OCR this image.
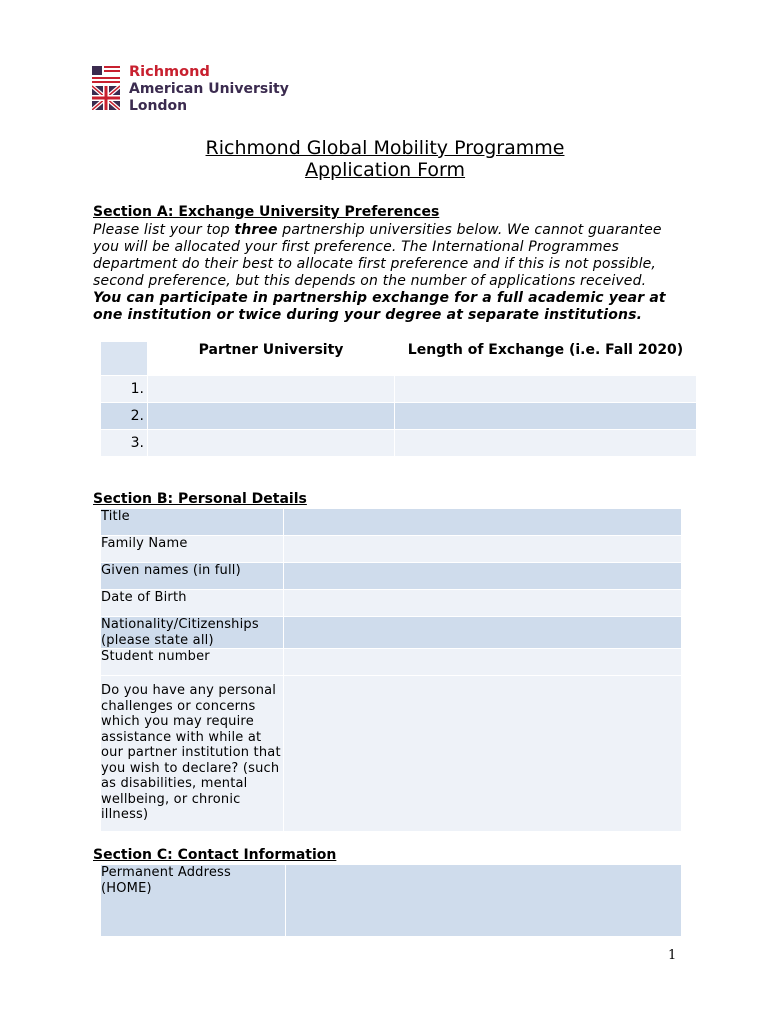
Richmond
American University
London
Richmond Global Mobility Programme
Application Form
Section A: Exchange University Preferences
Please list your top three partnership universities below. We cannot guarantee you will be allocated your first preference. The International Programmes department do their best to allocate first preference and if this is not possible, second preference, but this depends on the number of applications received. You can participate in partnership exchange for a full academic year at one institution or twice during your degree at separate institutions.
	Partner University	Length of Exchange (i.e. Fall 2020)
1.		
2.		
3.		
Section B: Personal Details
Title	
Family Name	
Given names (in full)	
Date of Birth	
Nationality/Citizenships (please state all)	
Student number	
Do you have any personal challenges or concerns which you may require assistance with while at our partner institution that you wish to declare? (such as disabilities, mental wellbeing, or chronic illness)	
Section C: Contact Information
Permanent Address (HOME)	
1
